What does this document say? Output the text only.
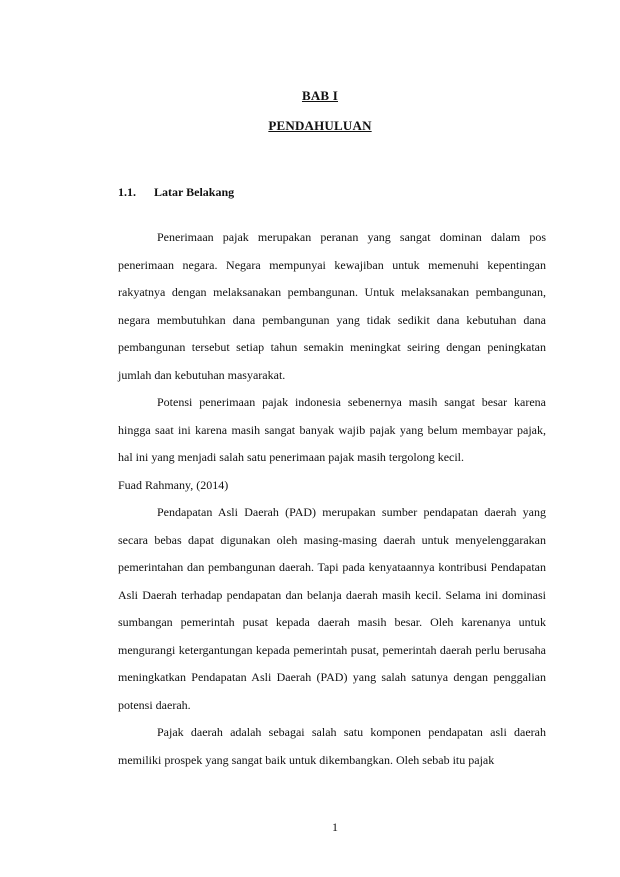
BAB I
PENDAHULUAN
1.1. Latar Belakang

Penerimaan pajak merupakan peranan yang sangat dominan dalam pos penerimaan negara. Negara mempunyai kewajiban untuk memenuhi kepentingan rakyatnya dengan melaksanakan pembangunan. Untuk melaksanakan pembangunan, negara membutuhkan dana pembangunan yang tidak sedikit dana kebutuhan dana pembangunan tersebut setiap tahun semakin meningkat seiring dengan peningkatan jumlah dan kebutuhan masyarakat.

Potensi penerimaan pajak indonesia sebenernya masih sangat besar karena hingga saat ini karena masih sangat banyak wajib pajak yang belum membayar pajak, hal ini yang menjadi salah satu penerimaan pajak masih tergolong kecil.

Fuad Rahmany, (2014)

Pendapatan Asli Daerah (PAD) merupakan sumber pendapatan daerah yang secara bebas dapat digunakan oleh masing-masing daerah untuk menyelenggarakan pemerintahan dan pembangunan daerah. Tapi pada kenyataannya kontribusi Pendapatan Asli Daerah terhadap pendapatan dan belanja daerah masih kecil. Selama ini dominasi sumbangan pemerintah pusat kepada daerah masih besar. Oleh karenanya untuk mengurangi ketergantungan kepada pemerintah pusat, pemerintah daerah perlu berusaha meningkatkan Pendapatan Asli Daerah (PAD) yang salah satunya dengan penggalian potensi daerah.

Pajak daerah adalah sebagai salah satu komponen pendapatan asli daerah memiliki prospek yang sangat baik untuk dikembangkan. Oleh sebab itu pajak

1
